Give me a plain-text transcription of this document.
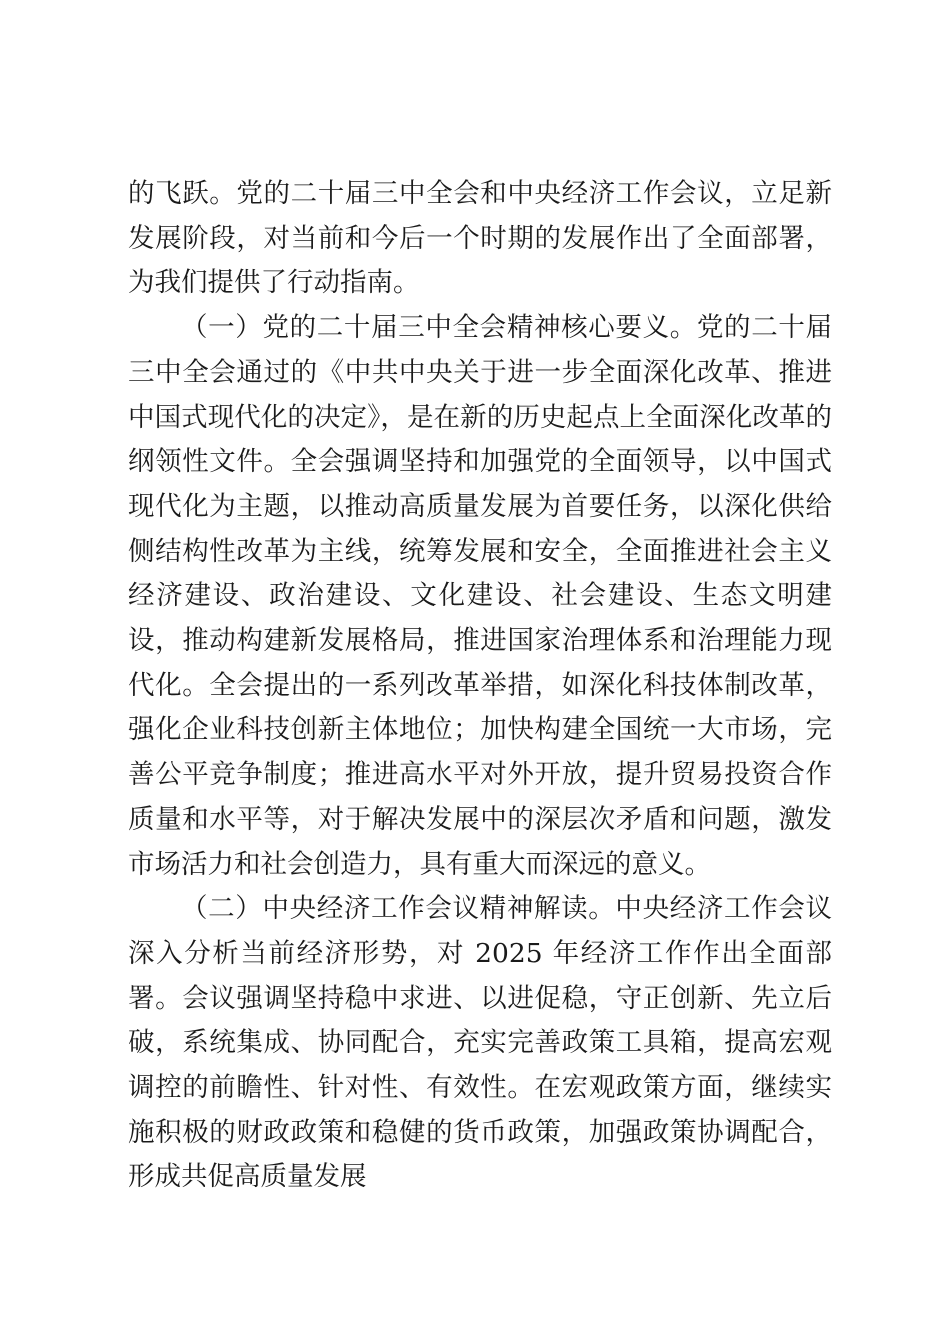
的飞跃。党的二十届三中全会和中央经济工作会议，立足新发展阶段，对当前和今后一个时期的发展作出了全面部署，为我们提供了行动指南。

（一）党的二十届三中全会精神核心要义。党的二十届三中全会通过的《中共中央关于进一步全面深化改革、推进中国式现代化的决定》，是在新的历史起点上全面深化改革的纲领性文件。全会强调坚持和加强党的全面领导，以中国式现代化为主题，以推动高质量发展为首要任务，以深化供给侧结构性改革为主线，统筹发展和安全，全面推进社会主义经济建设、政治建设、文化建设、社会建设、生态文明建设，推动构建新发展格局，推进国家治理体系和治理能力现代化。全会提出的一系列改革举措，如深化科技体制改革，强化企业科技创新主体地位；加快构建全国统一大市场，完善公平竞争制度；推进高水平对外开放，提升贸易投资合作质量和水平等，对于解决发展中的深层次矛盾和问题，激发市场活力和社会创造力，具有重大而深远的意义。

（二）中央经济工作会议精神解读。中央经济工作会议深入分析当前经济形势，对 2025 年经济工作作出全面部署。会议强调坚持稳中求进、以进促稳，守正创新、先立后破，系统集成、协同配合，充实完善政策工具箱，提高宏观调控的前瞻性、针对性、有效性。在宏观政策方面，继续实施积极的财政政策和稳健的货币政策，加强政策协调配合，形成共促高质量发展
